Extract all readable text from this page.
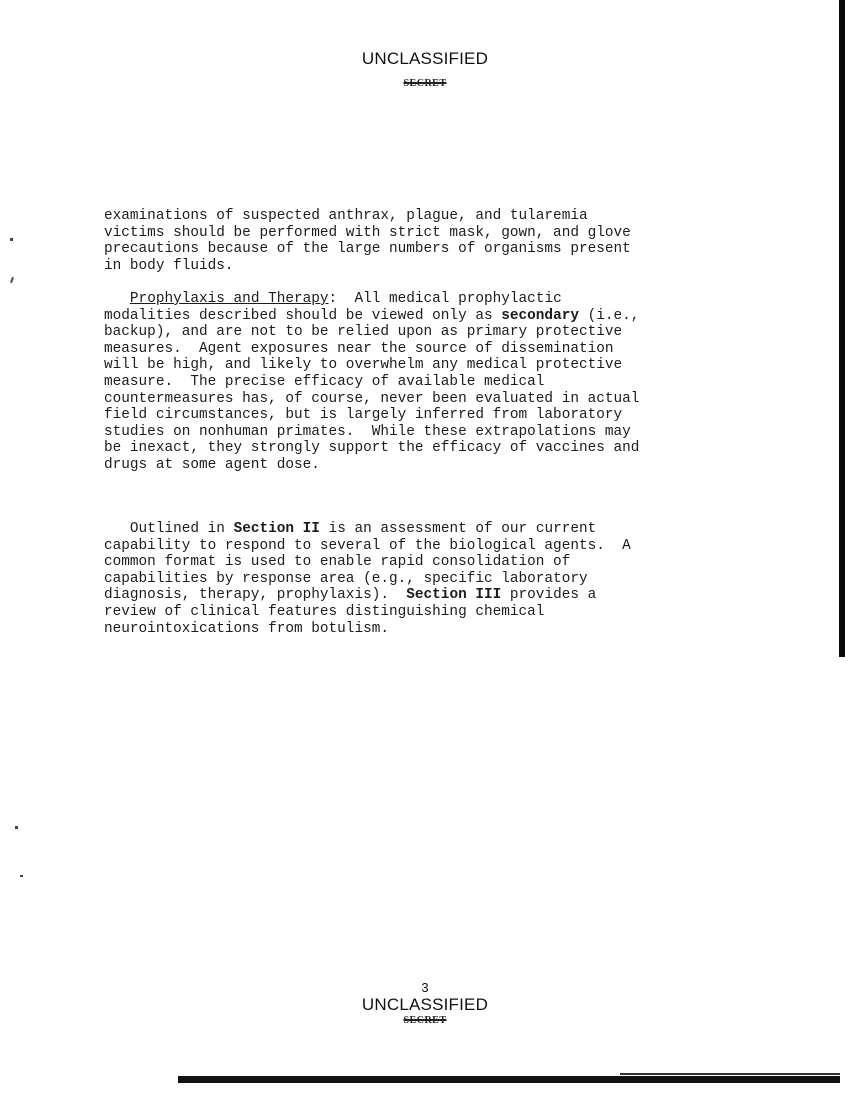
UNCLASSIFIED
SECRET
examinations of suspected anthrax, plague, and tularemia
victims should be performed with strict mask, gown, and glove
precautions because of the large numbers of organisms present
in body fluids.
Prophylaxis and Therapy:  All medical prophylactic
modalities described should be viewed only as secondary (i.e.,
backup), and are not to be relied upon as primary protective
measures.  Agent exposures near the source of dissemination
will be high, and likely to overwhelm any medical protective
measure.  The precise efficacy of available medical
countermeasures has, of course, never been evaluated in actual
field circumstances, but is largely inferred from laboratory
studies on nonhuman primates.  While these extrapolations may
be inexact, they strongly support the efficacy of vaccines and
drugs at some agent dose.
Outlined in Section II is an assessment of our current
capability to respond to several of the biological agents.  A
common format is used to enable rapid consolidation of
capabilities by response area (e.g., specific laboratory
diagnosis, therapy, prophylaxis).  Section III provides a
review of clinical features distinguishing chemical
neurointoxications from botulism.
3
UNCLASSIFIED
SECRET
